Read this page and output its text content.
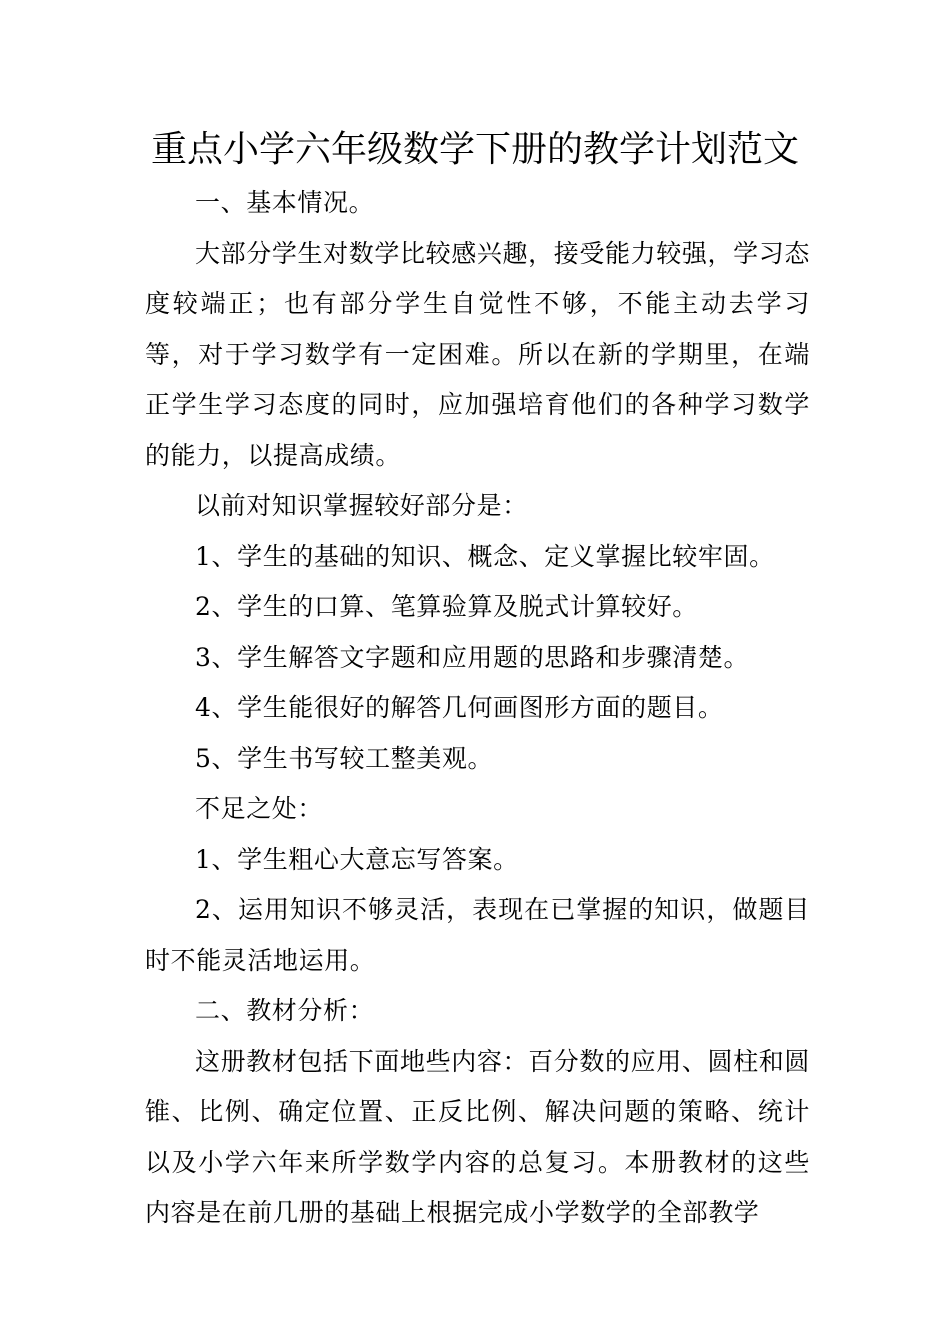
重点小学六年级数学下册的教学计划范文

一、基本情况。

大部分学生对数学比较感兴趣，接受能力较强，学习态度较端正；也有部分学生自觉性不够，不能主动去学习等，对于学习数学有一定困难。所以在新的学期里，在端正学生学习态度的同时，应加强培育他们的各种学习数学的能力，以提高成绩。

以前对知识掌握较好部分是：

1、学生的基础的知识、概念、定义掌握比较牢固。

2、学生的口算、笔算验算及脱式计算较好。

3、学生解答文字题和应用题的思路和步骤清楚。

4、学生能很好的解答几何画图形方面的题目。

5、学生书写较工整美观。

不足之处：

1、学生粗心大意忘写答案。

2、运用知识不够灵活，表现在已掌握的知识，做题目时不能灵活地运用。

二、教材分析：

这册教材包括下面地些内容：百分数的应用、圆柱和圆锥、比例、确定位置、正反比例、解决问题的策略、统计以及小学六年来所学数学内容的总复习。本册教材的这些内容是在前几册的基础上根据完成小学数学的全部教学
